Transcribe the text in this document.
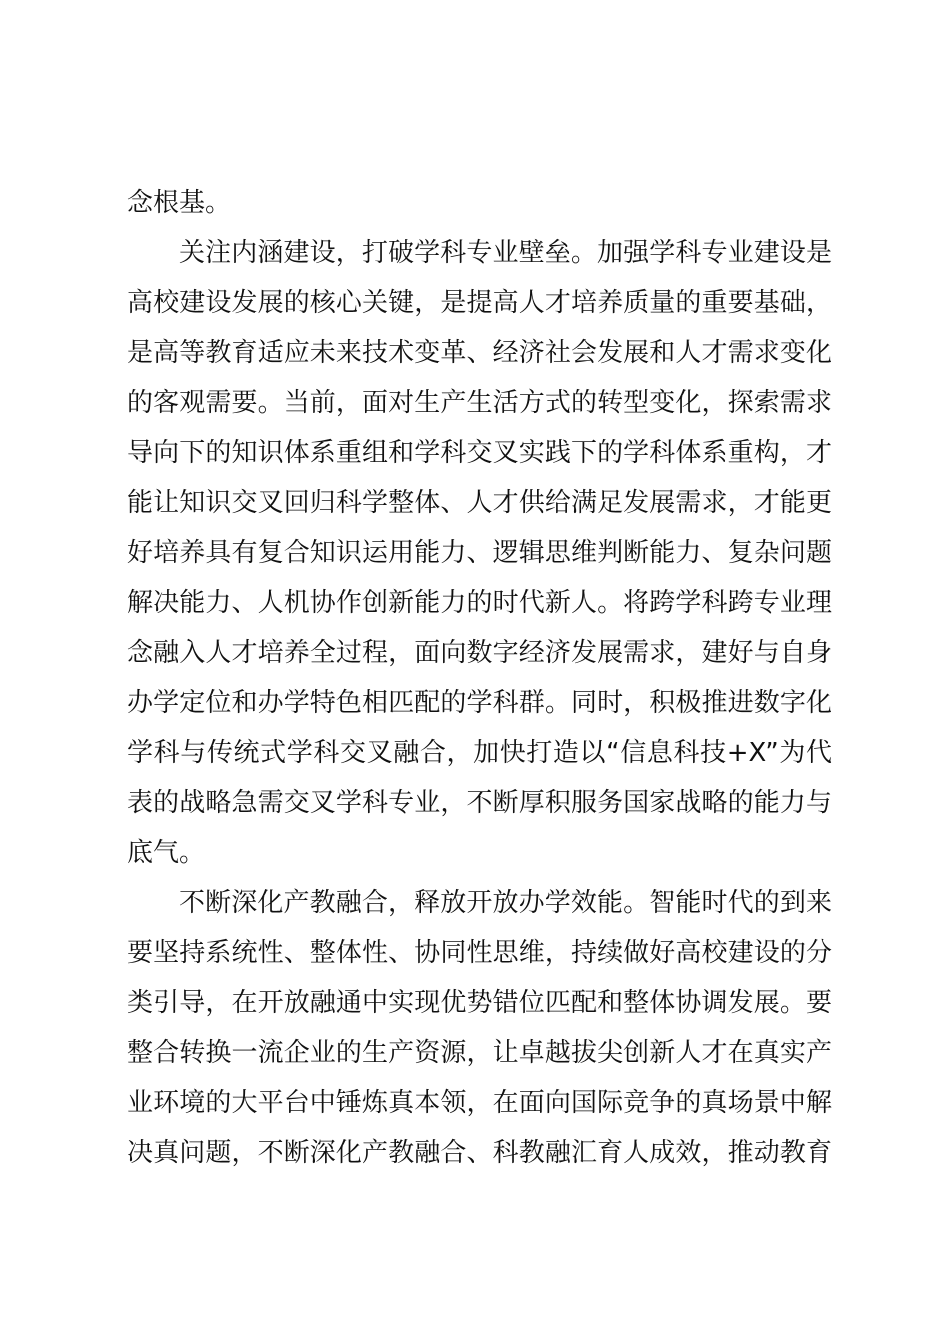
念根基。
关注内涵建设，打破学科专业壁垒。加强学科专业建设是
高校建设发展的核心关键，是提高人才培养质量的重要基础，
是高等教育适应未来技术变革、经济社会发展和人才需求变化
的客观需要。当前，面对生产生活方式的转型变化，探索需求
导向下的知识体系重组和学科交叉实践下的学科体系重构，才
能让知识交叉回归科学整体、人才供给满足发展需求，才能更
好培养具有复合知识运用能力、逻辑思维判断能力、复杂问题
解决能力、人机协作创新能力的时代新人。将跨学科跨专业理
念融入人才培养全过程，面向数字经济发展需求，建好与自身
办学定位和办学特色相匹配的学科群。同时，积极推进数字化
学科与传统式学科交叉融合，加快打造以“信息科技+X”为代
表的战略急需交叉学科专业，不断厚积服务国家战略的能力与
底气。
不断深化产教融合，释放开放办学效能。智能时代的到来
要坚持系统性、整体性、协同性思维，持续做好高校建设的分
类引导，在开放融通中实现优势错位匹配和整体协调发展。要
整合转换一流企业的生产资源，让卓越拔尖创新人才在真实产
业环境的大平台中锤炼真本领，在面向国际竞争的真场景中解
决真问题，不断深化产教融合、科教融汇育人成效，推动教育
